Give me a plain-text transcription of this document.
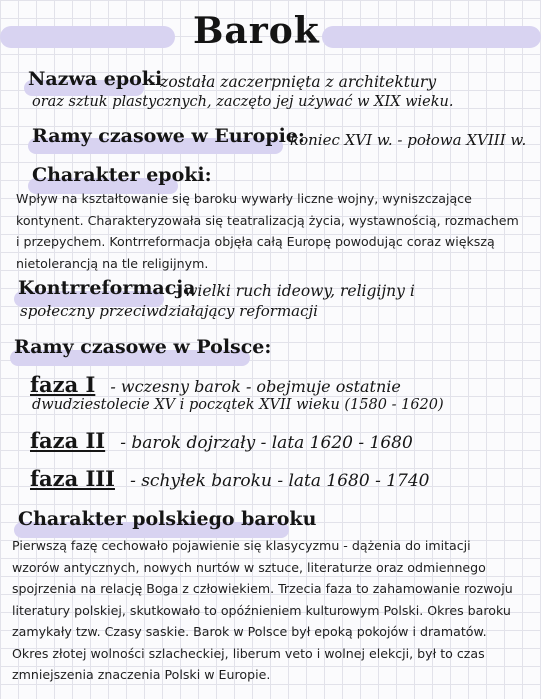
Barok
Nazwa epoki
- została zaczerpnięta z architektury
oraz sztuk plastycznych, zaczęto jej używać w XIX wieku.
Ramy czasowe w Europie:
koniec XVI w. - połowa XVIII w.
Charakter epoki:
Wpływ na kształtowanie się baroku wywarły liczne wojny, wyniszczające kontynent. Charakteryzowała się teatralizacją życia, wystawnością, rozmachem i przepychem. Kontrreformacja objęła całą Europę powodując coraz większą nietolerancją na tle religijnym.
Kontrreformacja
- wielki ruch ideowy, religijny i
społeczny przeciwdziałający reformacji
Ramy czasowe w Polsce:
faza I - wczesny barok - obejmuje ostatnie
dwudziestolecie XV i początek XVII wieku (1580 - 1620)
faza II - barok dojrzały - lata 1620 - 1680
faza III - schyłek baroku - lata 1680 - 1740
Charakter polskiego baroku
Pierwszą fazę cechowało pojawienie się klasycyzmu - dążenia do imitacji wzorów antycznych, nowych nurtów w sztuce, literaturze oraz odmiennego spojrzenia na relację Boga z człowiekiem. Trzecia faza to zahamowanie rozwoju literatury polskiej, skutkowało to opóźnieniem kulturowym Polski. Okres baroku zamykały tzw. Czasy saskie. Barok w Polsce był epoką pokojów i dramatów. Okres złotej wolności szlacheckiej, liberum veto i wolnej elekcji, był to czas zmniejszenia znaczenia Polski w Europie.
